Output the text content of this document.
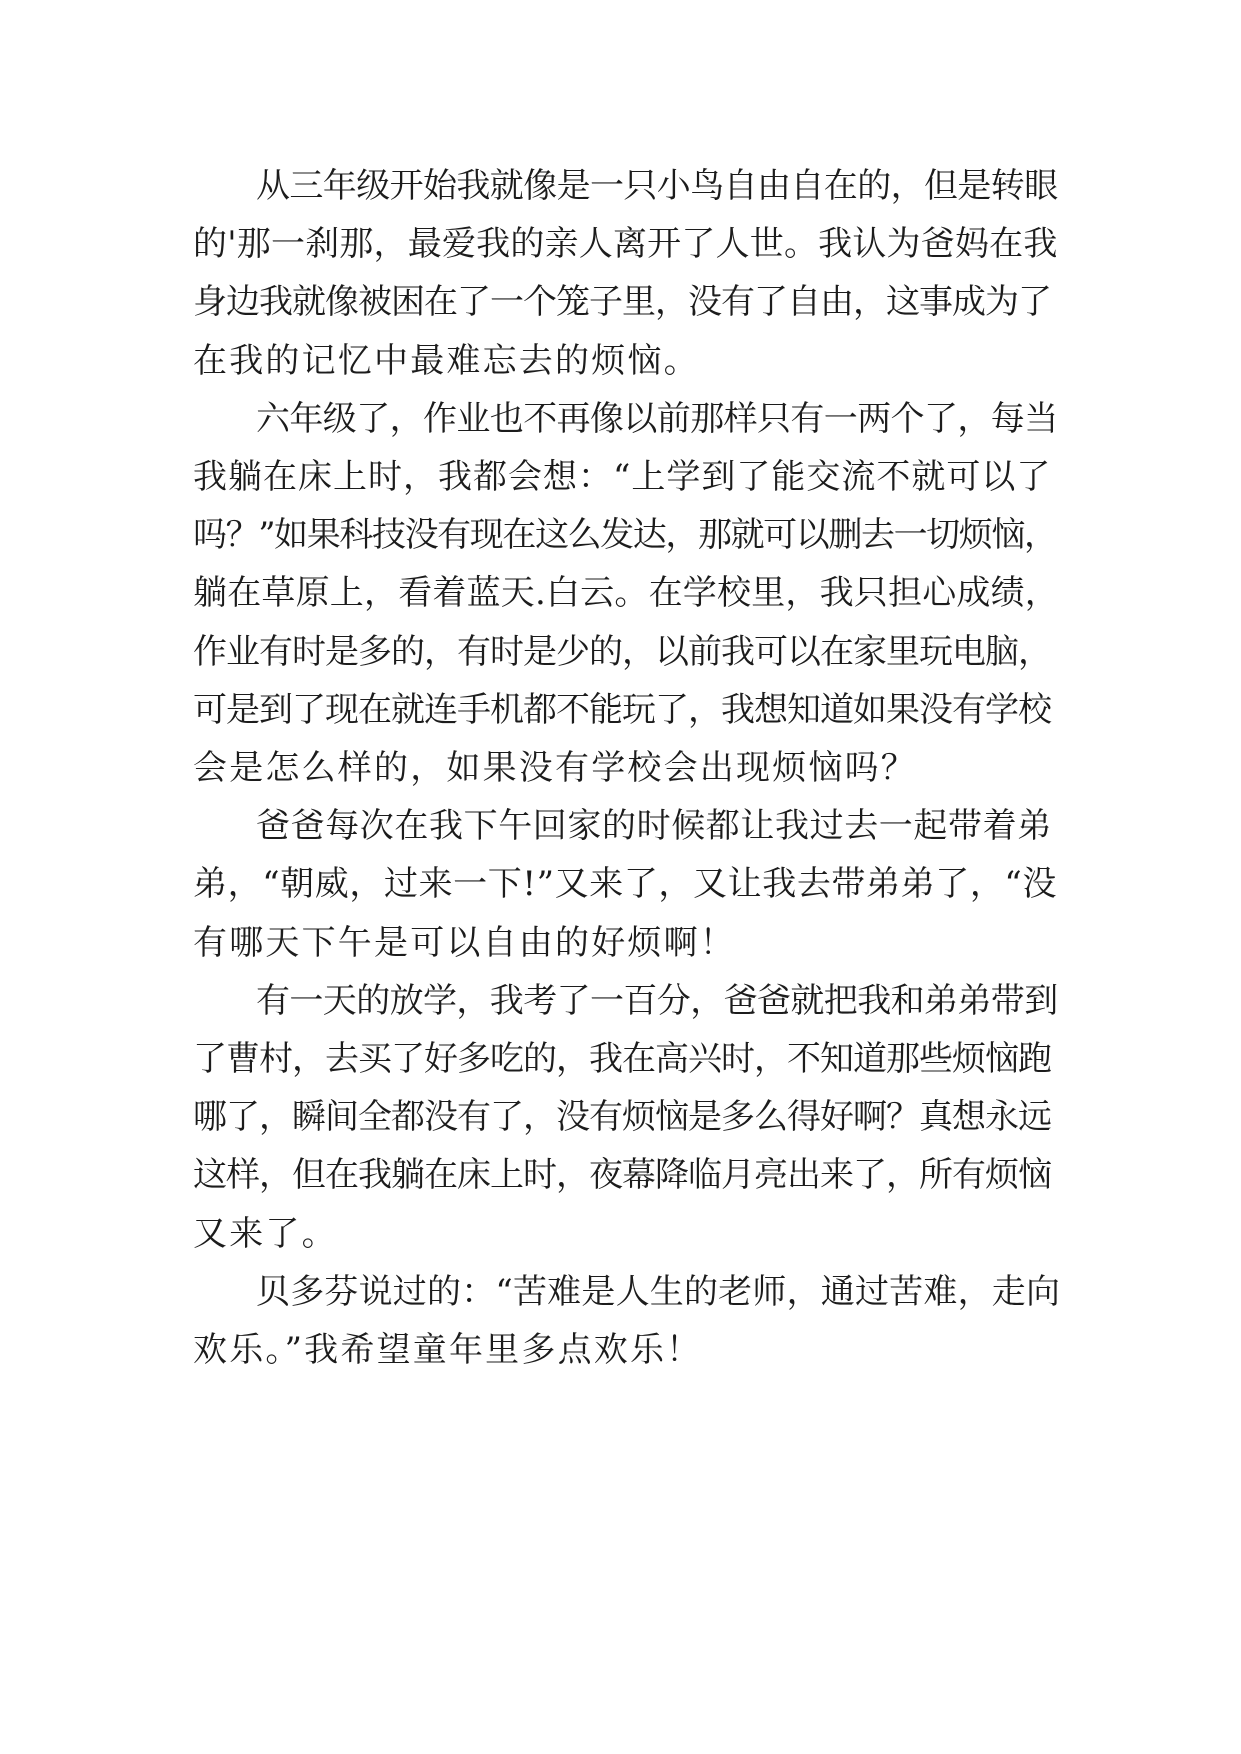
从三年级开始我就像是一只小鸟自由自在的，但是转眼

的'那一刹那，最爱我的亲人离开了人世。我认为爸妈在我

身边我就像被困在了一个笼子里，没有了自由，这事成为了

在我的记忆中最难忘去的烦恼。

六年级了，作业也不再像以前那样只有一两个了，每当

我躺在床上时，我都会想：“上学到了能交流不就可以了

吗？”如果科技没有现在这么发达，那就可以删去一切烦恼，

躺在草原上，看着蓝天.白云。在学校里，我只担心成绩，

作业有时是多的，有时是少的，以前我可以在家里玩电脑，

可是到了现在就连手机都不能玩了，我想知道如果没有学校

会是怎么样的，如果没有学校会出现烦恼吗？

爸爸每次在我下午回家的时候都让我过去一起带着弟

弟，“朝威，过来一下!”又来了，又让我去带弟弟了，“没

有哪天下午是可以自由的好烦啊！

有一天的放学，我考了一百分，爸爸就把我和弟弟带到

了曹村，去买了好多吃的，我在高兴时，不知道那些烦恼跑

哪了，瞬间全都没有了，没有烦恼是多么得好啊？真想永远

这样，但在我躺在床上时，夜幕降临月亮出来了，所有烦恼

又来了。

贝多芬说过的：“苦难是人生的老师，通过苦难，走向

欢乐。”我希望童年里多点欢乐！
